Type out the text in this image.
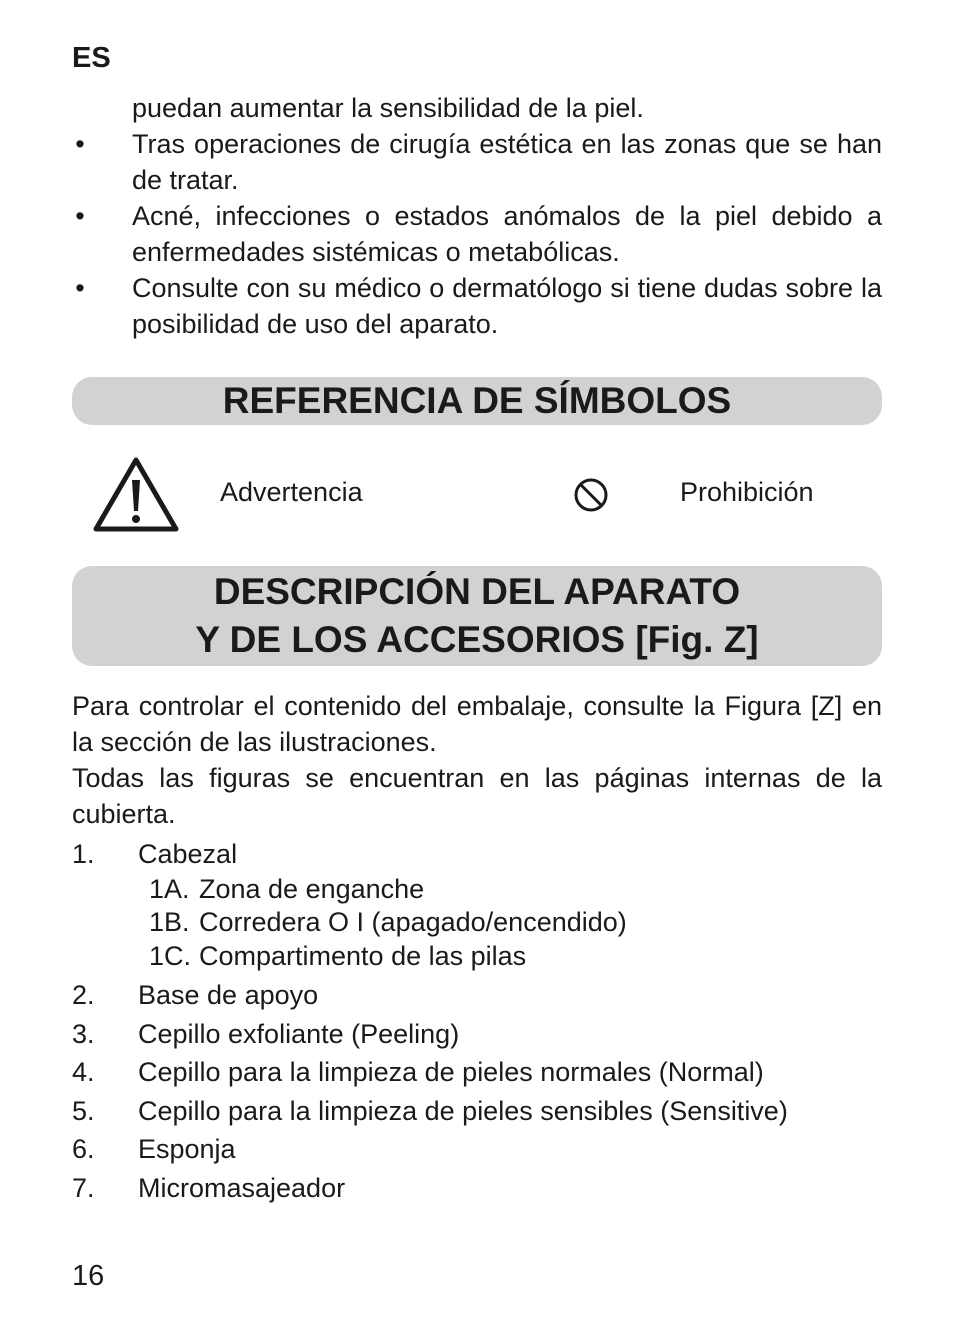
ES
puedan aumentar la sensibilidad de la piel.
• Tras operaciones de cirugía estética en las zonas que se han de tratar.
• Acné, infecciones o estados anómalos de la piel debido a enfermedades sistémicas o metabólicas.
• Consulte con su médico o dermatólogo si tiene dudas sobre la posibilidad de uso del aparato.
REFERENCIA DE SÍMBOLOS
Advertencia	Prohibición
DESCRIPCIÓN DEL APARATO
Y DE LOS ACCESORIOS [Fig. Z]

Para controlar el contenido del embalaje, consulte la Figura [Z] en la sección de las ilustraciones.

Todas las figuras se encuentran en las páginas internas de la cubierta.

1. Cabezal
1A. Zona de enganche
1B. Corredera O I (apagado/encendido)
1C. Compartimento de las pilas
2. Base de apoyo
3. Cepillo exfoliante (Peeling)
4. Cepillo para la limpieza de pieles normales (Normal)
5. Cepillo para la limpieza de pieles sensibles (Sensitive)
6. Esponja
7. Micromasajeador
16
